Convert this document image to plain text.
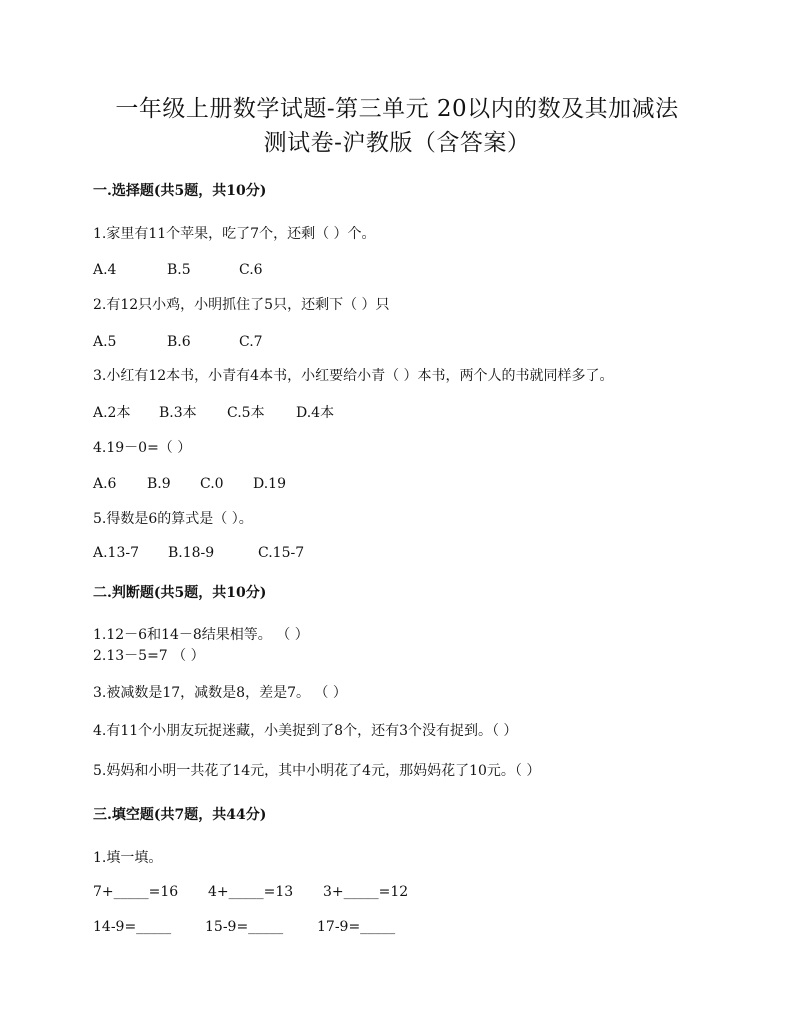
一年级上册数学试题-第三单元 20以内的数及其加减法
测试卷-沪教版（含答案）
一.选择题(共5题，共10分)
1.家里有11个苹果，吃了7个，还剩（ ）个。
A.4	B.5	C.6
2.有12只小鸡，小明抓住了5只，还剩下（ ）只
A.5	B.6	C.7
3.小红有12本书，小青有4本书，小红要给小青（ ）本书，两个人的书就同样多了。
A.2本 B.3本 C.5本 D.4本
4.19－0=（ ）
A.6 B.9 C.0 D.19
5.得数是6的算式是（ ）。
A.13-7 B.18-9	C.15-7
二.判断题(共5题，共10分)
1.12－6和14－8结果相等。 （ ）
2.13－5=7 （ ）
3.被减数是17，减数是8，差是7。 （ ）
4.有11个小朋友玩捉迷藏，小美捉到了8个，还有3个没有捉到。（ ）
5.妈妈和小明一共花了14元，其中小明花了4元，那妈妈花了10元。（ ）
三.填空题(共7题，共44分)
1.填一填。
7+_____=16 4+_____=13 3+_____=12
14-9=_____ 15-9=_____ 17-9=_____
